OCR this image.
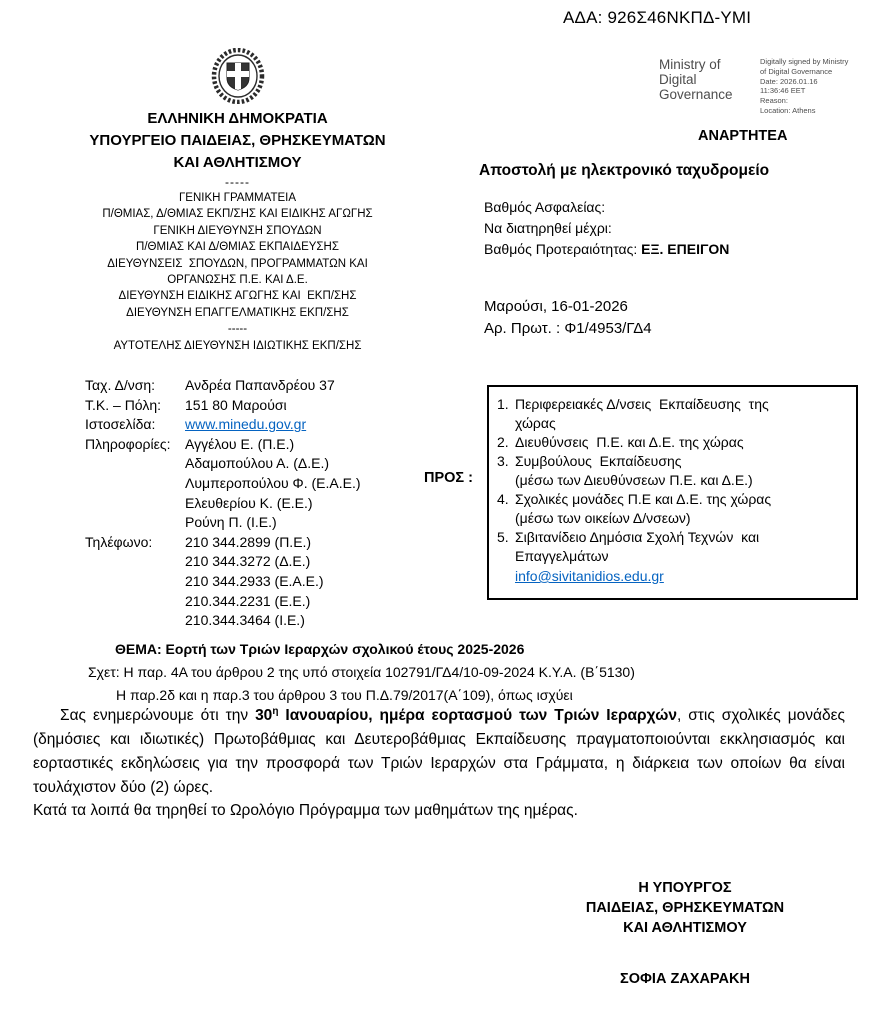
ΑΔΑ: 926Σ46ΝΚΠΔ-ΥΜΙ
Ministry of Digital Governance
Digitally signed by Ministry
of Digital Governance
Date: 2026.01.16
11:36:46 EET
Reason:
Location: Athens
ΕΛΛΗΝΙΚΗ ΔΗΜΟΚΡΑΤΙΑ
ΥΠΟΥΡΓΕΙΟ ΠΑΙΔΕΙΑΣ, ΘΡΗΣΚΕΥΜΑΤΩΝ
ΚΑΙ ΑΘΛΗΤΙΣΜΟΥ
-----
ΓΕΝΙΚΗ ΓΡΑΜΜΑΤΕΙΑ
Π/ΘΜΙΑΣ, Δ/ΘΜΙΑΣ ΕΚΠ/ΣΗΣ ΚΑΙ ΕΙΔΙΚΗΣ ΑΓΩΓΗΣ
ΓΕΝΙΚΗ ΔΙΕΥΘΥΝΣΗ ΣΠΟΥΔΩΝ
Π/ΘΜΙΑΣ ΚΑΙ Δ/ΘΜΙΑΣ ΕΚΠΑΙΔΕΥΣΗΣ
ΔΙΕΥΘΥΝΣΕΙΣ  ΣΠΟΥΔΩΝ, ΠΡΟΓΡΑΜΜΑΤΩΝ ΚΑΙ
ΟΡΓΑΝΩΣΗΣ Π.Ε. ΚΑΙ Δ.Ε.
ΔΙΕΥΘΥΝΣΗ ΕΙΔΙΚΗΣ ΑΓΩΓΗΣ ΚΑΙ  ΕΚΠ/ΣΗΣ
ΔΙΕΥΘΥΝΣΗ ΕΠΑΓΓΕΛΜΑΤΙΚΗΣ ΕΚΠ/ΣΗΣ
-----
ΑΥΤΟΤΕΛΗΣ ΔΙΕΥΘΥΝΣΗ ΙΔΙΩΤΙΚΗΣ ΕΚΠ/ΣΗΣ
Ταχ. Δ/νση: Ανδρέα Παπανδρέου 37
Τ.Κ. – Πόλη: 151 80 Μαρούσι
Ιστοσελίδα: www.minedu.gov.gr
Πληροφορίες: Αγγέλου Ε. (Π.Ε.)
Αδαμοπούλου Α. (Δ.Ε.)
Λυμπεροπούλου Φ. (Ε.Α.Ε.)
Ελευθερίου Κ. (Ε.Ε.)
Ρούνη Π. (Ι.Ε.)
Τηλέφωνο: 210 344.2899 (Π.Ε.)
210 344.3272 (Δ.Ε.)
210 344.2933 (Ε.Α.Ε.)
210.344.2231 (Ε.Ε.)
210.344.3464 (Ι.Ε.)
ΑΝΑΡΤΗΤΕΑ
Αποστολή με ηλεκτρονικό ταχυδρομείο
Βαθμός Ασφαλείας:
Να διατηρηθεί μέχρι:
Βαθμός Προτεραιότητας: ΕΞ. ΕΠΕΙΓΟΝ
Μαρούσι, 16-01-2026
Αρ. Πρωτ. : Φ1/4953/ΓΔ4
ΠΡΟΣ :
1. Περιφερειακές Δ/νσεις  Εκπαίδευσης  της
χώρας
2. Διευθύνσεις  Π.Ε. και Δ.Ε. της χώρας
3. Συμβούλους  Εκπαίδευσης
(μέσω των Διευθύνσεων Π.Ε. και Δ.Ε.)
4. Σχολικές μονάδες Π.Ε και Δ.Ε. της χώρας
(μέσω των οικείων Δ/νσεων)
5. Σιβιτανίδειο Δημόσια Σχολή Τεχνών  και
Επαγγελμάτων
info@sivitanidios.edu.gr
ΘΕΜΑ: Εορτή των Τριών Ιεραρχών σχολικού έτους 2025-2026
Σχετ: Η παρ. 4Α του άρθρου 2 της υπό στοιχεία 102791/ΓΔ4/10-09-2024 Κ.Υ.Α. (Β΄5130)
Η παρ.2δ και η παρ.3 του άρθρου 3 του Π.Δ.79/2017(Α΄109), όπως ισχύει

Σας ενημερώνουμε ότι την $30^\eta$ Ιανουαρίου, ημέρα εορτασμού των Τριών Ιεραρχών, στις σχολικές μονάδες (δημόσιες και ιδιωτικές) Πρωτοβάθμιας και Δευτεροβάθμιας Εκπαίδευσης πραγματοποιούνται εκκλησιασμός και εορταστικές εκδηλώσεις για την προσφορά των Τριών Ιεραρχών στα Γράμματα, η διάρκεια των οποίων θα είναι τουλάχιστον δύο (2) ώρες.

Κατά τα λοιπά θα τηρηθεί το Ωρολόγιο Πρόγραμμα των μαθημάτων της ημέρας.

Η ΥΠΟΥΡΓΟΣ
ΠΑΙΔΕΙΑΣ, ΘΡΗΣΚΕΥΜΑΤΩΝ
ΚΑΙ ΑΘΛΗΤΙΣΜΟΥ
ΣΟΦΙΑ ΖΑΧΑΡΑΚΗ
